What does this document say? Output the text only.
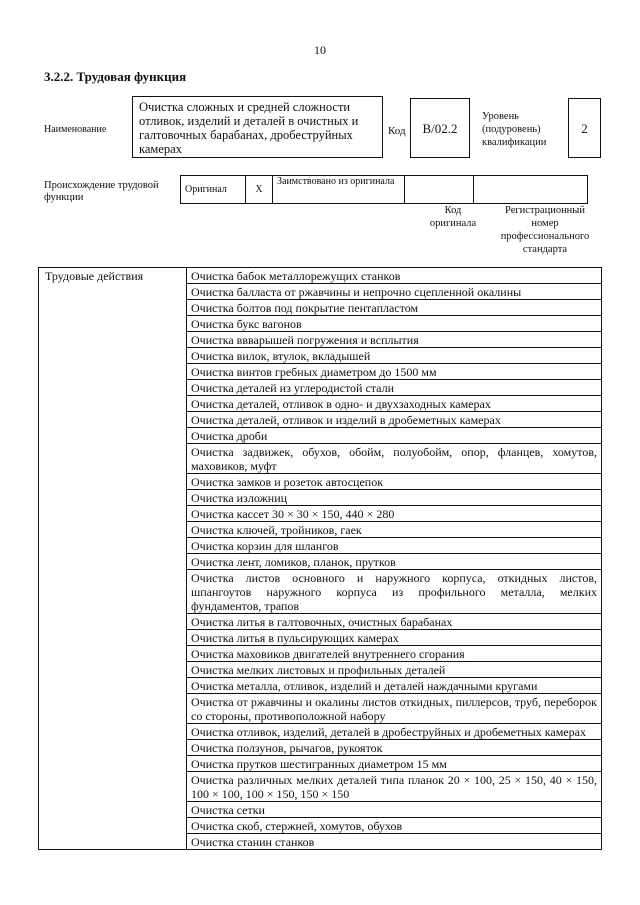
10
3.2.2. Трудовая функция
Наименование
Очистка сложных и средней сложности отливок, изделий и деталей в очистных и галтовочных барабанах, дробеструйных камерах
Код	B/02.2
Уровень
(подуровень)
квалификации
2
Происхождение трудовой
функции
Оригинал	X	Заимствовано из оригинала		
Код
оригинала
Регистрационный
номер
профессионального
стандарта
Трудовые действия	Очистка бабок металлорежущих станков
Очистка балласта от ржавчины и непрочно сцепленной окалины
Очистка болтов под покрытие пентапластом
Очистка букс вагонов
Очистка ввварышей погружения и всплытия
Очистка вилок, втулок, вкладышей
Очистка винтов гребных диаметром до 1500 мм
Очистка деталей из углеродистой стали
Очистка деталей, отливок в одно- и двухзаходных камерах
Очистка деталей, отливок и изделий в дробеметных камерах
Очистка дроби
Очистка задвижек, обухов, обойм, полуобойм, опор, фланцев, хомутов, маховиков, муфт
Очистка замков и розеток автосцепок
Очистка изложниц
Очистка кассет 30 × 30 × 150, 440 × 280
Очистка ключей, тройников, гаек
Очистка корзин для шлангов
Очистка лент, ломиков, планок, прутков
Очистка листов основного и наружного корпуса, откидных листов, шпангоутов наружного корпуса из профильного металла, мелких фундаментов, трапов
Очистка литья в галтовочных, очистных барабанах
Очистка литья в пульсирующих камерах
Очистка маховиков двигателей внутреннего сгорания
Очистка мелких листовых и профильных деталей
Очистка металла, отливок, изделий и деталей наждачными кругами
Очистка от ржавчины и окалины листов откидных, пиллерсов, труб, переборок со стороны, противоположной набору
Очистка отливок, изделий, деталей в дробеструйных и дробеметных камерах
Очистка ползунов, рычагов, рукояток
Очистка прутков шестигранных диаметром 15 мм
Очистка различных мелких деталей типа планок 20 × 100, 25 × 150, 40 × 150, 100 × 100, 100 × 150, 150 × 150
Очистка сетки
Очистка скоб, стержней, хомутов, обухов
Очистка станин станков
